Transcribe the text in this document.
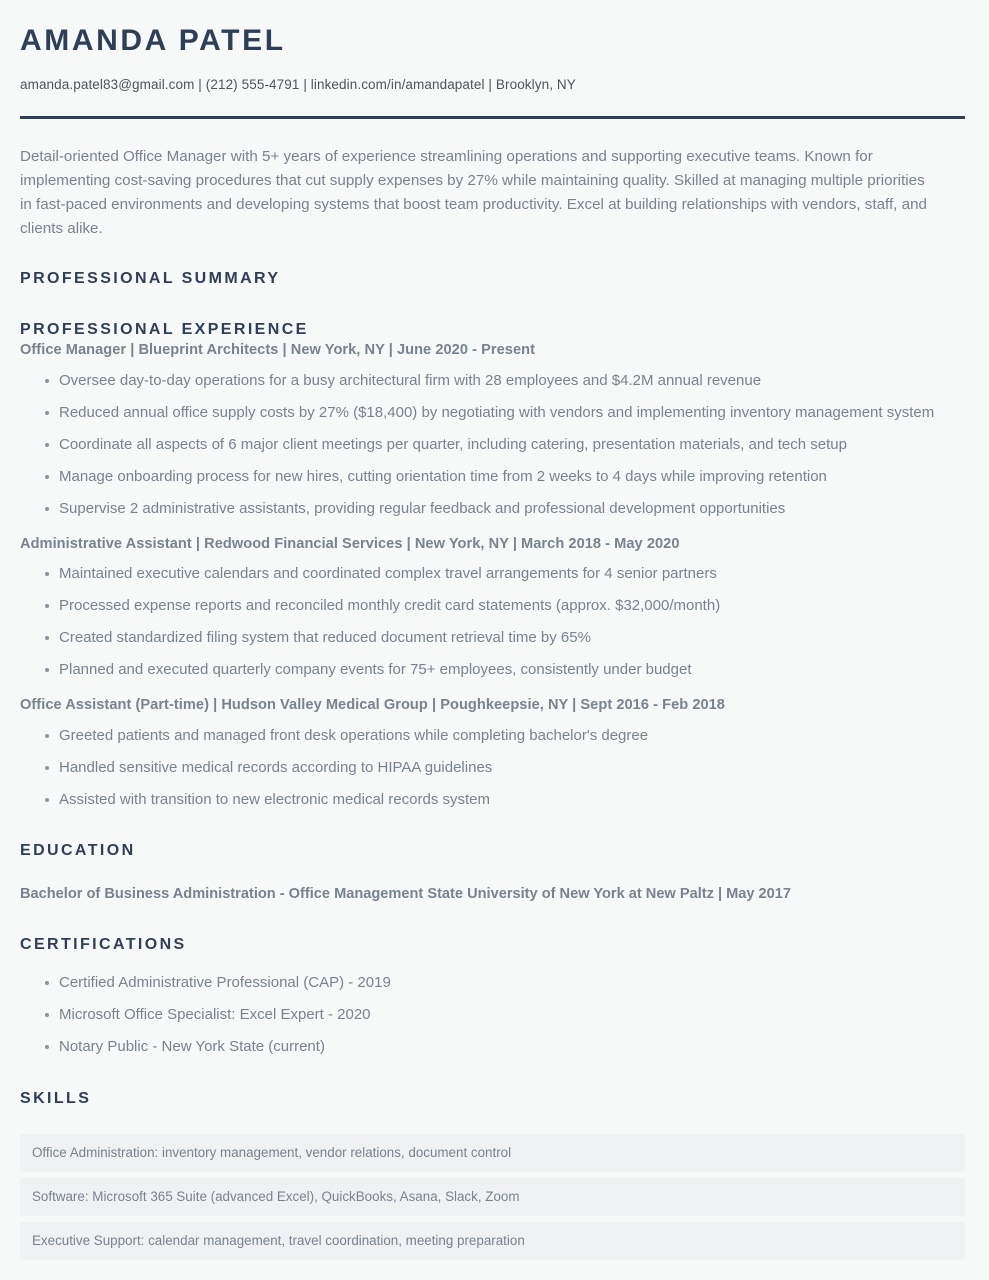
AMANDA PATEL

amanda.patel83@gmail.com | (212) 555-4791 | linkedin.com/in/amandapatel | Brooklyn, NY

Detail-oriented Office Manager with 5+ years of experience streamlining operations and supporting executive teams. Known for implementing cost-saving procedures that cut supply expenses by 27% while maintaining quality. Skilled at managing multiple priorities in fast-paced environments and developing systems that boost team productivity. Excel at building relationships with vendors, staff, and clients alike.

PROFESSIONAL SUMMARY
PROFESSIONAL EXPERIENCE
Office Manager | Blueprint Architects | New York, NY | June 2020 - Present
Oversee day-to-day operations for a busy architectural firm with 28 employees and $4.2M annual revenue
Reduced annual office supply costs by 27% ($18,400) by negotiating with vendors and implementing inventory management system
Coordinate all aspects of 6 major client meetings per quarter, including catering, presentation materials, and tech setup
Manage onboarding process for new hires, cutting orientation time from 2 weeks to 4 days while improving retention
Supervise 2 administrative assistants, providing regular feedback and professional development opportunities
Administrative Assistant | Redwood Financial Services | New York, NY | March 2018 - May 2020
Maintained executive calendars and coordinated complex travel arrangements for 4 senior partners
Processed expense reports and reconciled monthly credit card statements (approx. $32,000/month)
Created standardized filing system that reduced document retrieval time by 65%
Planned and executed quarterly company events for 75+ employees, consistently under budget
Office Assistant (Part-time) | Hudson Valley Medical Group | Poughkeepsie, NY | Sept 2016 - Feb 2018
Greeted patients and managed front desk operations while completing bachelor's degree
Handled sensitive medical records according to HIPAA guidelines
Assisted with transition to new electronic medical records system
EDUCATION
Bachelor of Business Administration - Office Management State University of New York at New Paltz | May 2017
CERTIFICATIONS
Certified Administrative Professional (CAP) - 2019
Microsoft Office Specialist: Excel Expert - 2020
Notary Public - New York State (current)
SKILLS
Office Administration: inventory management, vendor relations, document control
Software: Microsoft 365 Suite (advanced Excel), QuickBooks, Asana, Slack, Zoom
Executive Support: calendar management, travel coordination, meeting preparation
